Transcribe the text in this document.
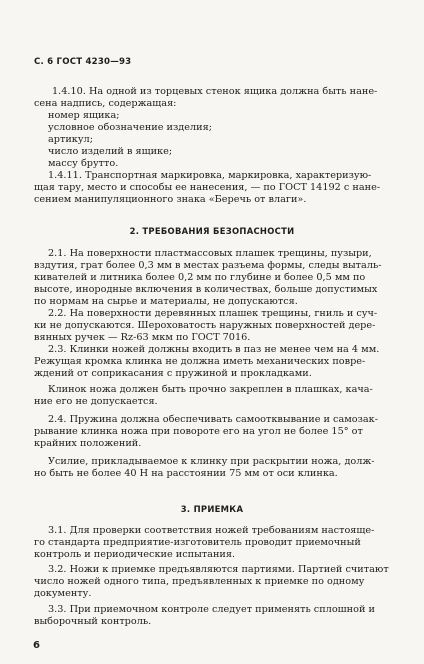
С. 6 ГОСТ 4230—93
1.4.10. На одной из торцевых стенок ящика должна быть нане-
сена надпись, содержащая:
номер ящика;
условное обозначение изделия;
артикул;
число изделий в ящике;
массу брутто.
1.4.11. Транспортная маркировка, маркировка, характеризую-
щая тару, место и способы ее нанесения, — по ГОСТ 14192 с нане-
сением манипуляционного знака «Беречь от влаги».
2. ТРЕБОВАНИЯ БЕЗОПАСНОСТИ
2.1. На поверхности пластмассовых плашек трещины, пузыри,
вздутия, грат более 0,3 мм в местах разъема формы, следы выталь-
кивателей и литника более 0,2 мм по глубине и более 0,5 мм по
высоте, инородные включения в количествах, больше допустимых
по нормам на сырье и материалы, не допускаются.
2.2. На поверхности деревянных плашек трещины, гниль и суч-
ки не допускаются. Шероховатость наружных поверхностей дере-
вянных ручек — Rz-63 мкм по ГОСТ 7016.
2.3. Клинки ножей должны входить в паз не менее чем на 4 мм.
Режущая кромка клинка не должна иметь механических повре-
ждений от соприкасания с пружиной и прокладками.
Клинок ножа должен быть прочно закреплен в плашках, кача-
ние его не допускается.
2.4. Пружина должна обеспечивать самоотквывание и самозак-
рывание клинка ножа при повороте его на угол не более 15° от
крайних положений.
Усилие, прикладываемое к клинку при раскрытии ножа, долж-
но быть не более 40 Н на расстоянии 75 мм от оси клинка.
3. ПРИЕМКА
3.1. Для проверки соответствия ножей требованиям настояще-
го стандарта предприятие-изготовитель проводит приемочный
контроль и периодические испытания.
3.2. Ножи к приемке предъявляются партиями. Партией считают
число ножей одного типа, предъявленных к приемке по одному
документу.
3.3. При приемочном контроле следует применять сплошной и
выборочный контроль.
6
